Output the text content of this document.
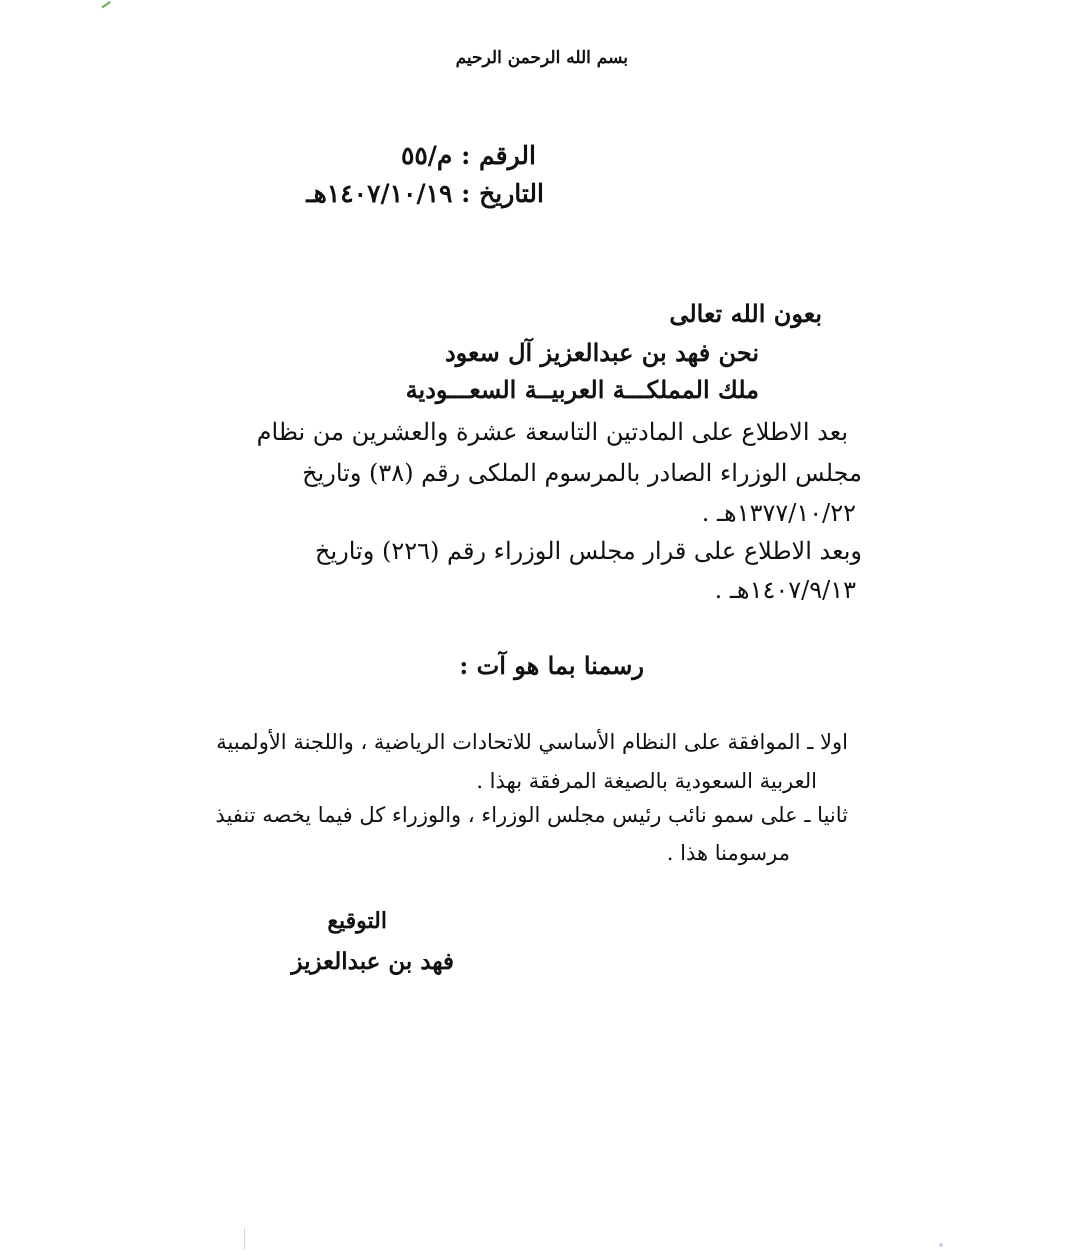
بسم الله الرحمن الرحيم
الرقم : م/٥٥
التاريخ : ١٤٠٧/١٠/١٩هـ
بعون الله تعالى
نحن فهد بن عبدالعزيز آل سعود
ملك المملكـــة العربيــة السعـــودية
بعد الاطلاع على المادتين التاسعة عشرة والعشرين من نظام
مجلس الوزراء الصادر بالمرسوم الملكى رقم (٣٨) وتاريخ
١٣٧٧/١٠/٢٢هـ .
وبعد الاطلاع على قرار مجلس الوزراء رقم (٢٢٦) وتاريخ
١٤٠٧/٩/١٣هـ .
رسمنا بما هو آت :
اولا ـ الموافقة على النظام الأساسي للاتحادات الرياضية ، واللجنة الأولمبية
العربية السعودية بالصيغة المرفقة بهذا .
ثانيا ـ على سمو نائب رئيس مجلس الوزراء ، والوزراء كل فيما يخصه تنفيذ
مرسومنا هذا .
التوقيع
فهد بن عبدالعزيز
